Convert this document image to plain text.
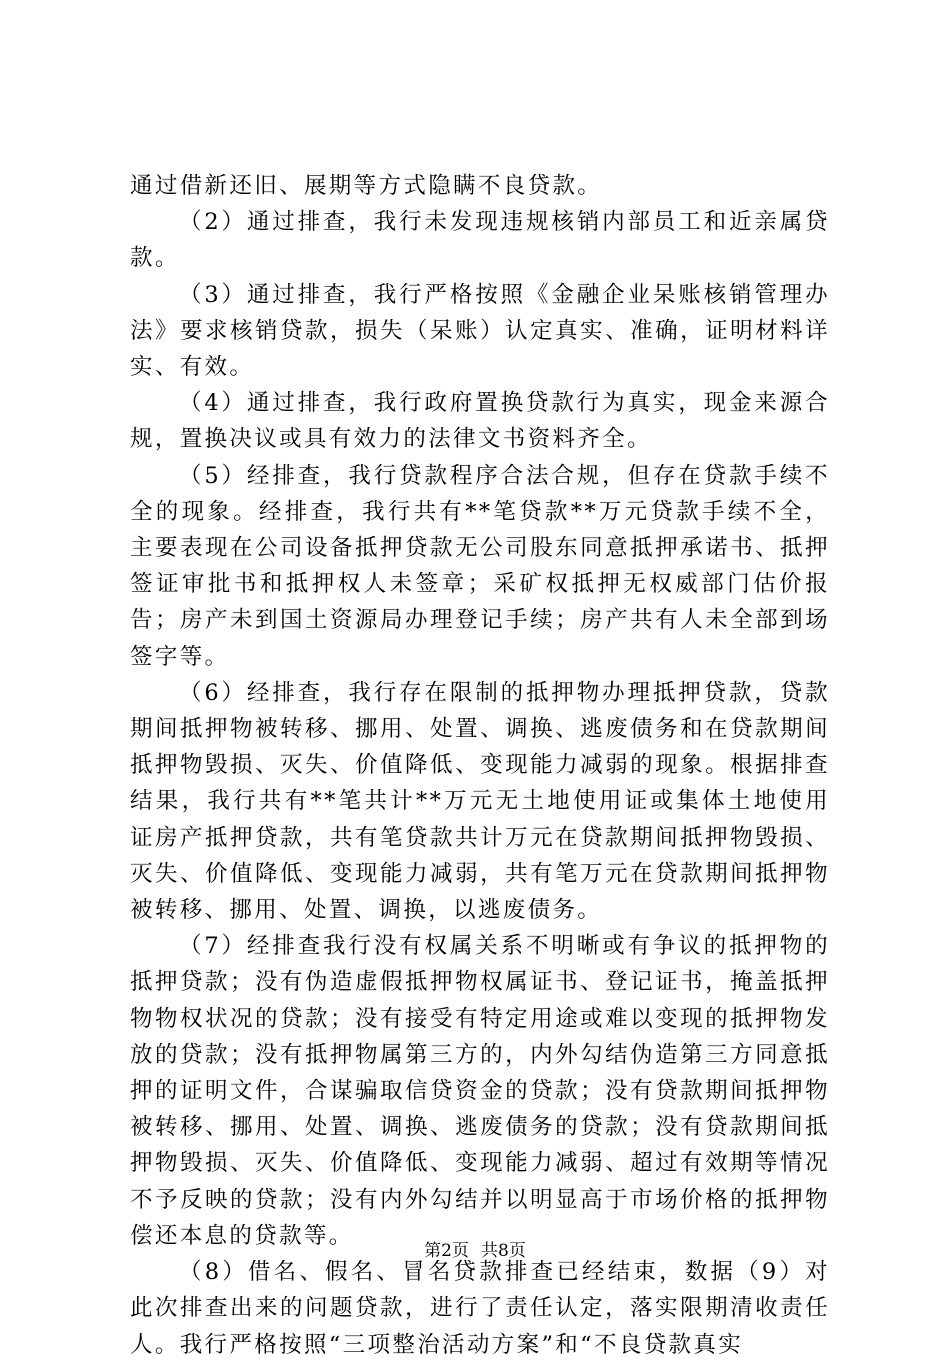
通过借新还旧、展期等方式隐瞒不良贷款。

（2）通过排查，我行未发现违规核销内部员工和近亲属贷款。

（3）通过排查，我行严格按照《金融企业呆账核销管理办法》要求核销贷款，损失（呆账）认定真实、准确，证明材料详实、有效。

（4）通过排查，我行政府置换贷款行为真实，现金来源合规，置换决议或具有效力的法律文书资料齐全。

（5）经排查，我行贷款程序合法合规，但存在贷款手续不全的现象。经排查，我行共有**笔贷款**万元贷款手续不全，主要表现在公司设备抵押贷款无公司股东同意抵押承诺书、抵押签证审批书和抵押权人未签章；采矿权抵押无权威部门估价报告；房产未到国土资源局办理登记手续；房产共有人未全部到场签字等。

（6）经排查，我行存在限制的抵押物办理抵押贷款，贷款期间抵押物被转移、挪用、处置、调换、逃废债务和在贷款期间抵押物毁损、灭失、价值降低、变现能力减弱的现象。根据排查结果，我行共有**笔共计**万元无土地使用证或集体土地使用证房产抵押贷款，共有笔贷款共计万元在贷款期间抵押物毁损、灭失、价值降低、变现能力减弱，共有笔万元在贷款期间抵押物被转移、挪用、处置、调换，以逃废债务。

（7）经排查我行没有权属关系不明晰或有争议的抵押物的抵押贷款；没有伪造虚假抵押物权属证书、登记证书，掩盖抵押物物权状况的贷款；没有接受有特定用途或难以变现的抵押物发放的贷款；没有抵押物属第三方的，内外勾结伪造第三方同意抵押的证明文件，合谋骗取信贷资金的贷款；没有贷款期间抵押物被转移、挪用、处置、调换、逃废债务的贷款；没有贷款期间抵押物毁损、灭失、价值降低、变现能力减弱、超过有效期等情况不予反映的贷款；没有内外勾结并以明显高于市场价格的抵押物偿还本息的贷款等。

（8）借名、假名、冒名贷款排查已经结束，数据（9）对此次排查出来的问题贷款，进行了责任认定，落实限期清收责任人。我行严格按照“三项整治活动方案”和“不良贷款真实

第2页 共8页
